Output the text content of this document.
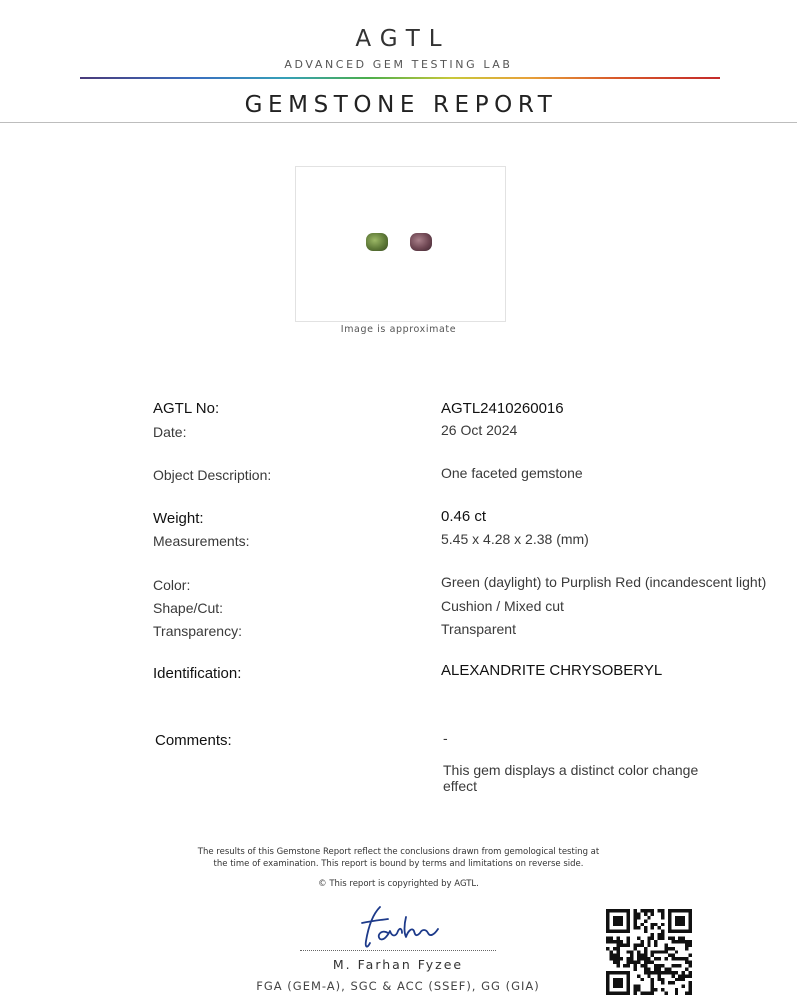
AGTL
ADVANCED GEM TESTING LAB
GEMSTONE REPORT
Image is approximate
AGTL No:	AGTL2410260016
Date:	26 Oct 2024
Object Description:	One faceted gemstone
Weight:	0.46 ct
Measurements:	5.45 x 4.28 x 2.38 (mm)
Color:	Green (daylight) to Purplish Red (incandescent light)
Shape/Cut:	Cushion / Mixed cut
Transparency:	Transparent
Identification:	ALEXANDRITE CHRYSOBERYL
Comments:	-
This gem displays a distinct color change
effect
The results of this Gemstone Report reflect the conclusions drawn from gemological testing at
the time of examination. This report is bound by terms and limitations on reverse side.
© This report is copyrighted by AGTL.
M. Farhan Fyzee
FGA (GEM-A), SGC & ACC (SSEF), GG (GIA)
